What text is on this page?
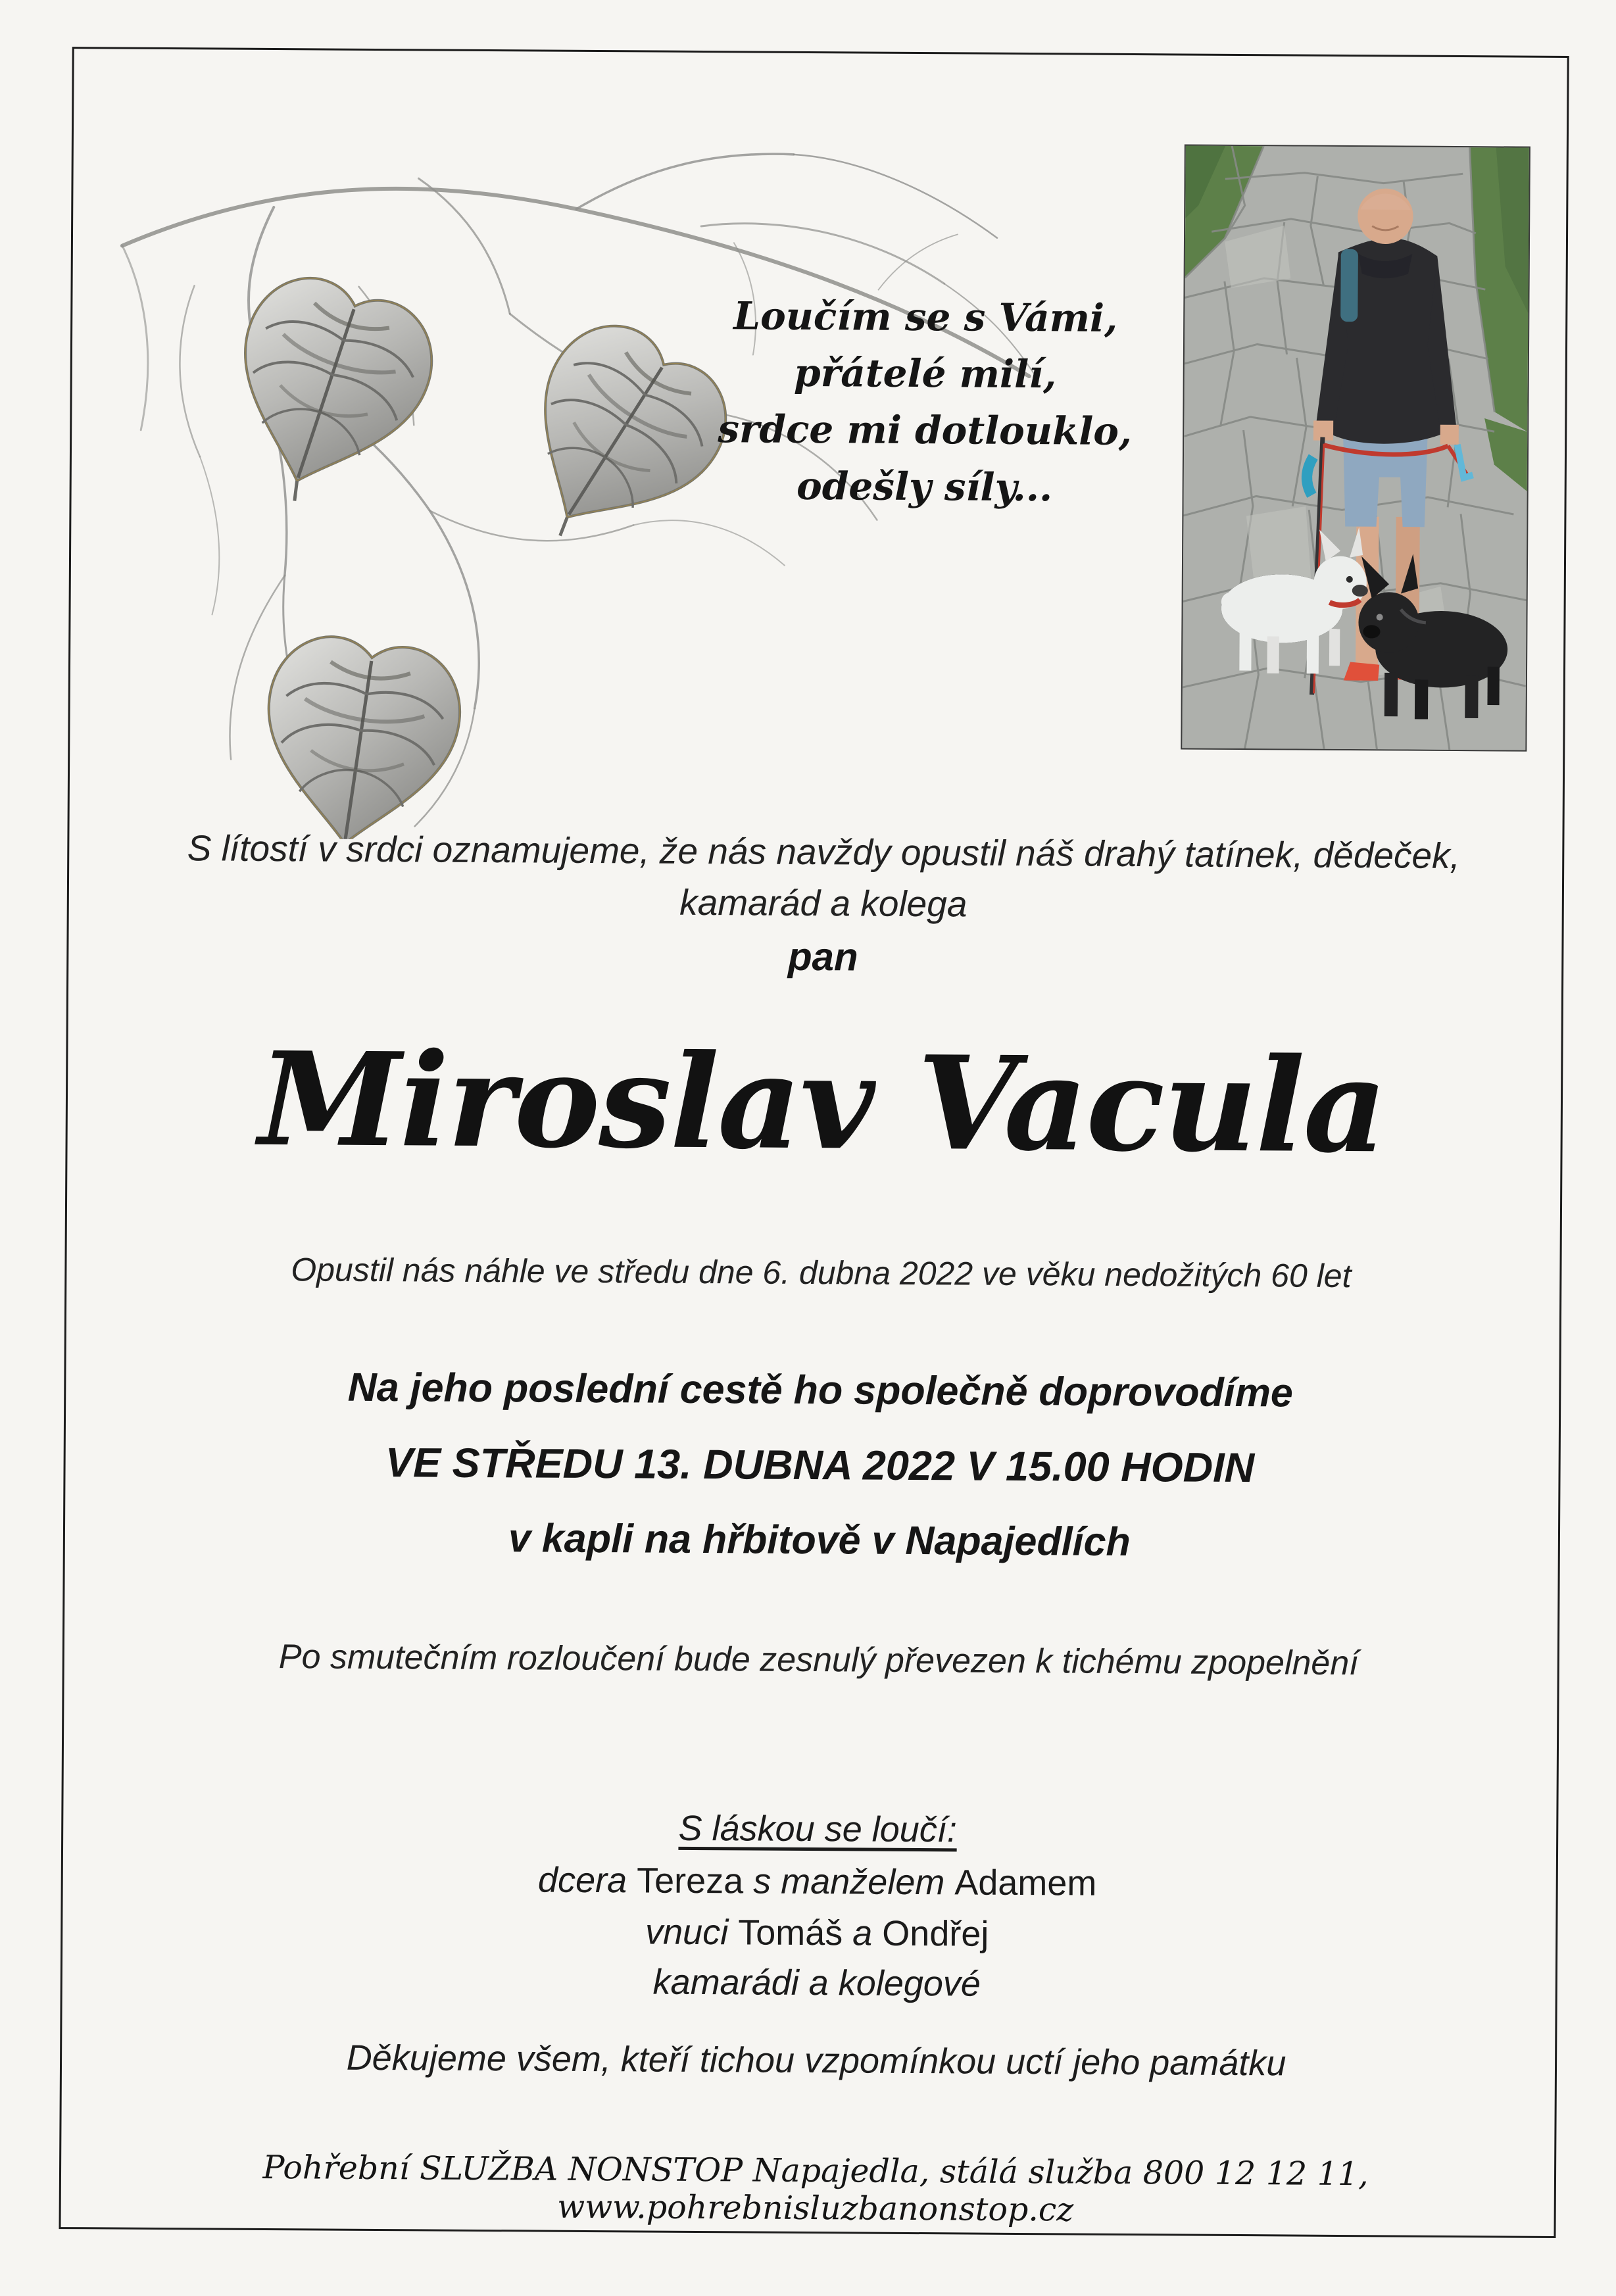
Loučím se s Vámi,
přátelé milí,
srdce mi dotlouklo,
odešly síly...
S lítostí v srdci oznamujeme, že nás navždy opustil náš drahý tatínek, dědeček,
kamarád a kolega
pan
Miroslav Vacula
Opustil nás náhle ve středu dne 6. dubna 2022 ve věku nedožitých 60 let
Na jeho poslední cestě ho společně doprovodíme
VE STŘEDU 13. DUBNA 2022 V 15.00 HODIN
v kapli na hřbitově v Napajedlích
Po smutečním rozloučení bude zesnulý převezen k tichému zpopelnění
S láskou se loučí:
dcera Tereza s manželem Adamem
vnuci Tomáš a Ondřej
kamarádi a kolegové
Děkujeme všem, kteří tichou vzpomínkou uctí jeho památku
Pohřební SLUŽBA NONSTOP Napajedla, stálá služba 800 12 12 11, www.pohrebnisluzbanonstop.cz
